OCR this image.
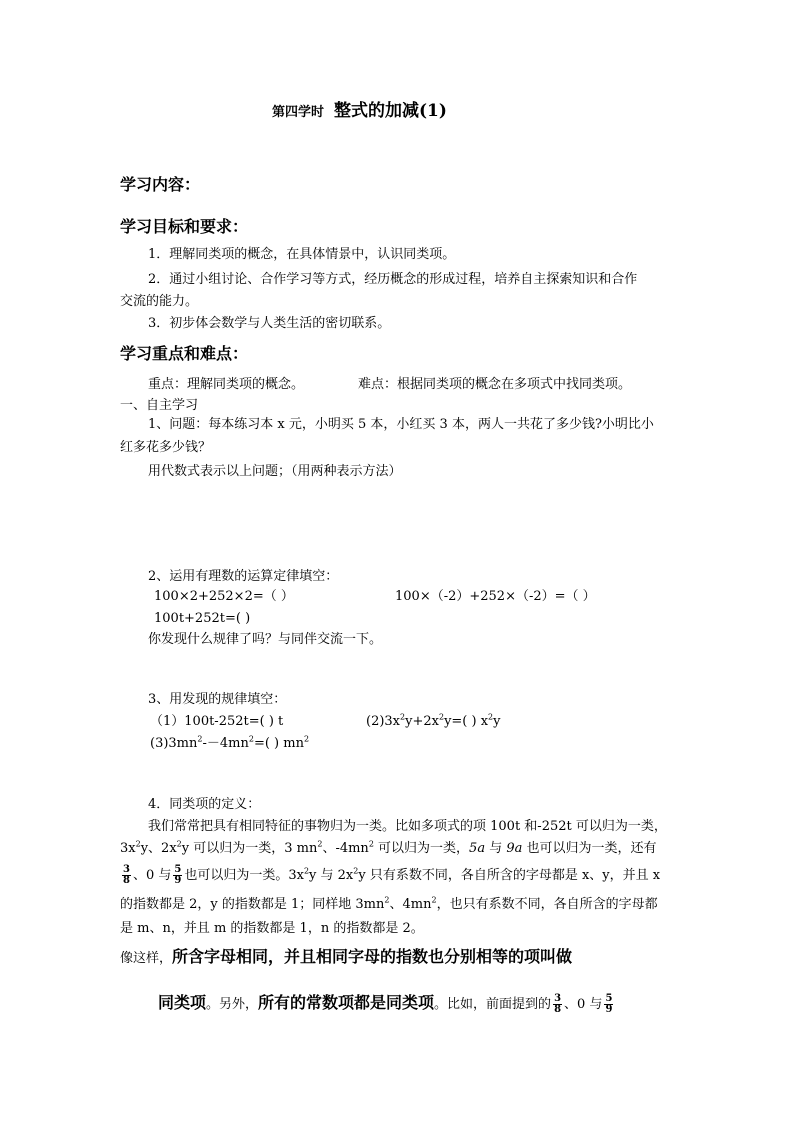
第四学时 整式的加减(1)
学习内容：
学习目标和要求：
1．理解同类项的概念，在具体情景中，认识同类项。
2．通过小组讨论、合作学习等方式，经历概念的形成过程，培养自主探索知识和合作
交流的能力。
3．初步体会数学与人类生活的密切联系。
学习重点和难点：
重点：理解同类项的概念。	难点：根据同类项的概念在多项式中找同类项。
一、自主学习
1、问题：每本练习本 x 元，小明买 5 本，小红买 3 本，两人一共花了多少钱?小明比小
红多花多少钱？
用代数式表示以上问题；（用两种表示方法）
2、运用有理数的运算定律填空：
100×2+252×2=（ ）	100×（-2）+252×（-2）=（ ）
100t+252t=( )
你发现什么规律了吗？与同伴交流一下。
3、用发现的规律填空：
（1）100t-252t=( ) t	$(2)3x^2y+2x^2y=$( ) $x^2y$
$(3)3mn^2--4mn^2=$( ) $mn^2$
4．同类项的定义：
我们常常把具有相同特征的事物归为一类。比如多项式的项 100t 和-252t 可以归为一类，
$3x^2y$、$2x^2y$ 可以归为一类，3 $mn^2$、$-4mn^2$ 可以归为一类，5a 与 9a 也可以归为一类，还有
$\frac{3}{8}$ 、0 与 $\frac{5}{9}$ 也可以归为一类。$3x^2y$ 与 $2x^2y$ 只有系数不同，各自所含的字母都是 x、y，并且 x
的指数都是 2，y 的指数都是 1；同样地 $3mn^2$、$4mn^2$，也只有系数不同，各自所含的字母都
是 m、n，并且 m 的指数都是 1，n 的指数都是 2。
像这样，所含字母相同，并且相同字母的指数也分别相等的项叫做
同类项。另外，所有的常数项都是同类项。比如，前面提到的 $\frac{3}{8}$ 、0 与 $\frac{5}{9}$
